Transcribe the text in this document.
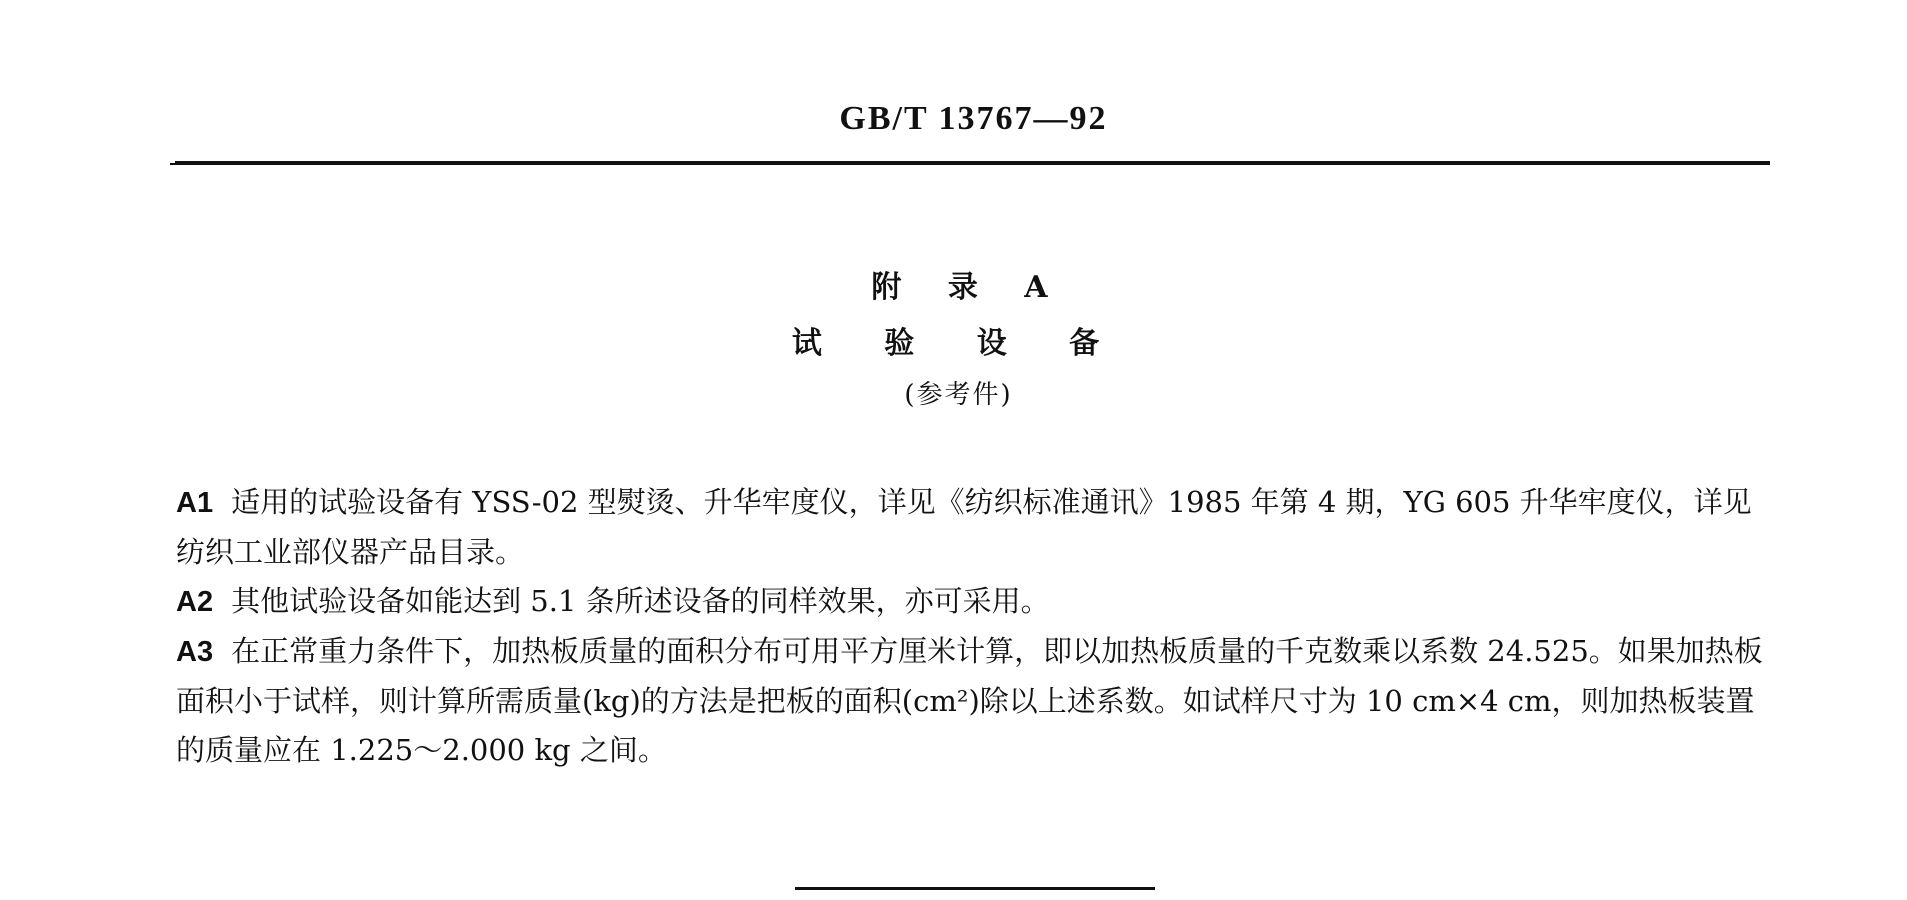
GB/T 13767—92
附 录 A
试 验 设 备
(参考件)

A1 适用的试验设备有 YSS-02 型熨烫、升华牢度仪，详见《纺织标准通讯》1985 年第 4 期，YG 605 升华牢度仪，详见纺织工业部仪器产品目录。

A2 其他试验设备如能达到 5.1 条所述设备的同样效果，亦可采用。

A3 在正常重力条件下，加热板质量的面积分布可用平方厘米计算，即以加热板质量的千克数乘以系数 24.525。如果加热板面积小于试样，则计算所需质量(kg)的方法是把板的面积(cm²)除以上述系数。如试样尺寸为 10 cm×4 cm，则加热板装置的质量应在 1.225～2.000 kg 之间。
